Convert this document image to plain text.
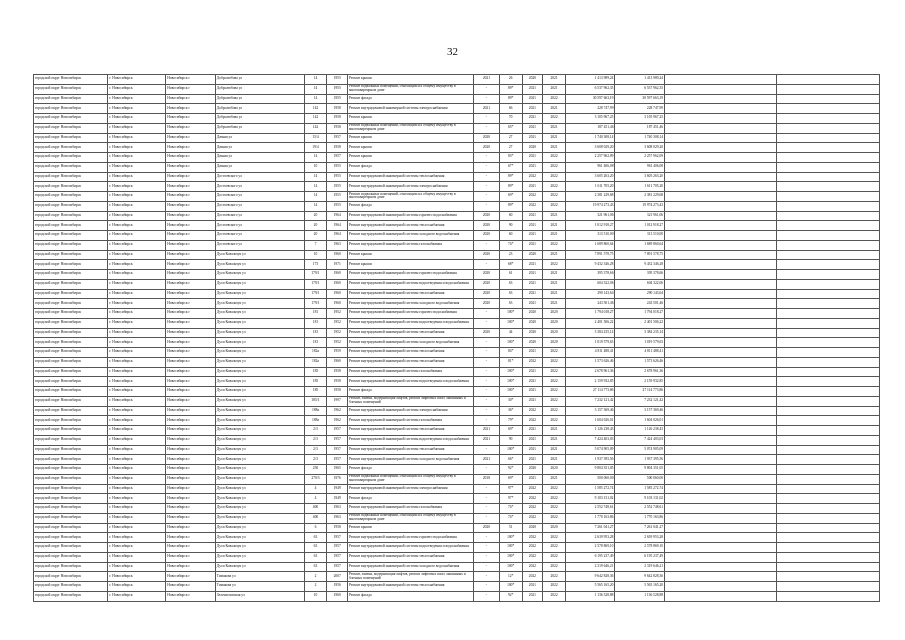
32
городской округ Новосибирск	г. Новосибирск	Новосибирск г	Добролюбова ул	14	1955	Ремонт крыши	2021	26	2020	2021	1 413 989,24	1 413 989,24		
городской округ Новосибирск	г. Новосибирск	Новосибирск г	Добролюбова ул	14	1955	Ремонт подвальных помещений, относящихся к общему имуществу в многоквартирном доме	-	89*	2021	2021	6 537 962,35	6 537 962,35		
городской округ Новосибирск	г. Новосибирск	Новосибирск г	Добролюбова ул	14	1955	Ремонт фасада	-	89*	2021	2022	30 597 663,19	30 597 663,19		
городской округ Новосибирск	г. Новосибирск	Новосибирск г	Добролюбова ул	142	1958	Ремонт внутридомовой инженерной системы электроснабжения	2021	66	2021	2021	228 747,99	228 747,99		
городской округ Новосибирск	г. Новосибирск	Новосибирск г	Добролюбова ул	142	1958	Ремонт крыши	-	70	2021	2022	3 105 967,25	3 105 967,25		
городской округ Новосибирск	г. Новосибирск	Новосибирск г	Добролюбова ул	142	1958	Ремонт подвальных помещений, относящихся к общему имуществу в многоквартирном доме	-	65*	2021	2021	187 451,46	187 451,46		
городской округ Новосибирск	г. Новосибирск	Новосибирск г	Дачная ул	15/4	1957	Ремонт крыши	2020	27	2021	2021	1 740 308,14	1 740 308,14		
городской округ Новосибирск	г. Новосибирск	Новосибирск г	Дачная ул	19/4	1958	Ремонт крыши	2020	27	2020	2021	3 608 029,20	3 608 029,20		
городской округ Новосибирск	г. Новосибирск	Новосибирск г	Дачная ул	14	1957	Ремонт крыши	-	83*	2021	2022	2 257 962,09	2 257 962,09		
городской округ Новосибирск	г. Новосибирск	Новосибирск г	Дачная ул	10	1955	Ремонт фасада	-	67*	2021	2022	961 406,08	961 406,08		
городской округ Новосибирск	г. Новосибирск	Новосибирск г	Достоевского ул	14	1955	Ремонт внутридомовой инженерной системы теплоснабжения	-	89*	2022	2022	3 605 263,20	3 605 263,20		
городской округ Новосибирск	г. Новосибирск	Новосибирск г	Достоевского ул	14	1955	Ремонт внутридомовой инженерной системы электроснабжения	-	89*	2021	2022	1 611 705,20	1 611 705,20		
городской округ Новосибирск	г. Новосибирск	Новосибирск г	Достоевского ул	14	1955	Ремонт подвальных помещений, относящихся к общему имуществу в многоквартирном доме	-	69*	2022	2022	2 381 229,68	2 381 229,68		
городской округ Новосибирск	г. Новосибирск	Новосибирск г	Достоевского ул	14	1955	Ремонт фасада	-	89*	2022	2022	19 974 273,43	19 974 273,43		
городской округ Новосибирск	г. Новосибирск	Новосибирск г	Достоевского ул	20	1964	Ремонт внутридомовой инженерной системы горячего водоснабжения	2020	60	2021	2021	321 961,06	321 961,06		
городской округ Новосибирск	г. Новосибирск	Новосибирск г	Достоевского ул	20	1964	Ремонт внутридомовой инженерной системы теплоснабжения	2020	90	2021	2021	1 012 918,27	1 012 918,27		
городской округ Новосибирск	г. Новосибирск	Новосибирск г	Достоевского ул	20	1964	Ремонт внутридомовой инженерной системы холодного водоснабжения	2020	60	2021	2021	313 510,00	313 510,00		
городской округ Новосибирск	г. Новосибирск	Новосибирск г	Достоевского ул	7	1963	Ремонт внутридомовой инженерной системы газоснабжения	-	74*	2021	2022	1 689 860,64	1 689 860,64		
городской округ Новосибирск	г. Новосибирск	Новосибирск г	Дуси Ковальчук ул	10	1960	Ремонт крыши	2020	23	2020	2021	7 891 578,75	7 891 578,75		
городской округ Новосибирск	г. Новосибирск	Новосибирск г	Дуси Ковальчук ул	173	1971	Ремонт крыши	-	68*	2021	2022	9 432 346,28	9 432 346,28		
городской округ Новосибирск	г. Новосибирск	Новосибирск г	Дуси Ковальчук ул	179/1	1960	Ремонт внутридомовой инженерной системы горячего водоснабжения	2020	61	2021	2021	395 378,66	395 378,66		
городской округ Новосибирск	г. Новосибирск	Новосибирск г	Дуси Ковальчук ул	179/1	1960	Ремонт внутридомовой инженерной системы водоотведения и водоснабжения	2020	63	2021	2021	604 322,06	604 322,06		
городской округ Новосибирск	г. Новосибирск	Новосибирск г	Дуси Ковальчук ул	179/1	1960	Ремонт внутридомовой инженерной системы теплоснабжения	2020	63	2021	2021	290 143,64	290 143,64		
городской округ Новосибирск	г. Новосибирск	Новосибирск г	Дуси Ковальчук ул	179/1	1960	Ремонт внутридомовой инженерной системы холодного водоснабжения	2020	63	2021	2021	243 501,46	243 501,46		
городской округ Новосибирск	г. Новосибирск	Новосибирск г	Дуси Ковальчук ул	181	1952	Ремонт внутридомовой инженерной системы горячего водоснабжения	-	100*	2020	2020	1 794 018,27	1 794 018,27		
городской округ Новосибирск	г. Новосибирск	Новосибирск г	Дуси Ковальчук ул	181	1952	Ремонт внутридомовой инженерной системы водоотведения и водоснабжения	-	100*	2020	2020	2 401 506,22	2 401 506,22		
городской округ Новосибирск	г. Новосибирск	Новосибирск г	Дуси Ковальчук ул	181	1952	Ремонт внутридомовой инженерной системы теплоснабжения	2020	44	2020	2020	3 384 235,14	3 384 235,14		
городской округ Новосибирск	г. Новосибирск	Новосибирск г	Дуси Ковальчук ул	181	1952	Ремонт внутридомовой инженерной системы холодного водоснабжения	-	100*	2020	2020	1 019 579,63	1 019 579,63		
городской округ Новосибирск	г. Новосибирск	Новосибирск г	Дуси Ковальчук ул	182a	1959	Ремонт внутридомовой инженерной системы теплоснабжения	-	84*	2021	2022	4 811 488,41	4 811 488,41		
городской округ Новосибирск	г. Новосибирск	Новосибирск г	Дуси Ковальчук ул	182a	1960	Ремонт внутридомовой инженерной системы теплоснабжения	-	81*	2022	2022	1 573 626,46	1 573 626,46		
городской округ Новосибирск	г. Новосибирск	Новосибирск г	Дуси Ковальчук ул	185	1958	Ремонт внутридомовой инженерной системы газоснабжения	-	100*	2021	2022	2 678 961,36	2 678 961,36		
городской округ Новосибирск	г. Новосибирск	Новосибирск г	Дуси Ковальчук ул	185	1958	Ремонт внутридомовой инженерной системы водоотведения и водоснабжения	-	100*	2021	2022	2 159 932,85	2 159 932,85		
городской округ Новосибирск	г. Новосибирск	Новосибирск г	Дуси Ковальчук ул	185	1958	Ремонт фасада	-	100*	2021	2022	27 114 773,86	27 114 773,86		
городской округ Новосибирск	г. Новосибирск	Новосибирск г	Дуси Ковальчук ул	185/1	1997	Ремонт, замена, модернизация лифтов, ремонт лифтовых шахт, машинных и блочных помещений	-	30*	2021	2022	7 232 121,42	7 232 121,42		
городской округ Новосибирск	г. Новосибирск	Новосибирск г	Дуси Ковальчук ул	188a	1962	Ремонт внутридомовой инженерной системы электроснабжения	-	36*	2022	2022	3 157 369,46	3 157 369,46		
городской округ Новосибирск	г. Новосибирск	Новосибирск г	Дуси Ковальчук ул	188a	1962	Ремонт внутридомовой инженерной системы газоснабжения	-	79*	2022	2022	1 604 026,01	1 604 026,01		
городской округ Новосибирск	г. Новосибирск	Новосибирск г	Дуси Ковальчук ул	2/3	1957	Ремонт внутридомовой инженерной системы теплоснабжения	2021	69*	2021	2021	1 126 238,43	1 126 238,43		
городской округ Новосибирск	г. Новосибирск	Новосибирск г	Дуси Ковальчук ул	2/3	1957	Ремонт внутридомовой инженерной системы водоотведения и водоснабжения	2021	90	2021	2021	7 424 403,03	7 424 403,03		
городской округ Новосибирск	г. Новосибирск	Новосибирск г	Дуси Ковальчук ул	2/3	1957	Ремонт внутридомовой инженерной системы теплоснабжения	-	100*	2021	2021	5 074 905,09	5 074 905,09		
городской округ Новосибирск	г. Новосибирск	Новосибирск г	Дуси Ковальчук ул	2/3	1957	Ремонт внутридомовой инженерной системы холодного водоснабжения	2021	66*	2021	2021	1 937 395,56	1 937 395,56		
городской округ Новосибирск	г. Новосибирск	Новосибирск г	Дуси Ковальчук ул	250	1965	Ремонт фасада	-	92*	2020	2020	9 804 351,05	9 804 351,05		
городской округ Новосибирск	г. Новосибирск	Новосибирск г	Дуси Ковальчук ул	270/3	1976	Ремонт подвальных помещений, относящихся к общему имуществу в многоквартирном доме	2018	69*	2021	2021	500 060,00	500 060,00		
городской округ Новосибирск	г. Новосибирск	Новосибирск г	Дуси Ковальчук ул	4	1949	Ремонт внутридомовой инженерной системы электроснабжения	-	97*	2022	2022	1 585 272,74	1 585 272,74		
городской округ Новосибирск	г. Новосибирск	Новосибирск г	Дуси Ковальчук ул	4	1949	Ремонт фасада	-	97*	2022	2022	9 103 131,02	9 103 131,02		
городской округ Новосибирск	г. Новосибирск	Новосибирск г	Дуси Ковальчук ул	400	1963	Ремонт внутридомовой инженерной системы газоснабжения	-	74*	2022	2022	2 552 748,61	2 552 748,61		
городской округ Новосибирск	г. Новосибирск	Новосибирск г	Дуси Ковальчук ул	400	1963	Ремонт подвальных помещений, относящихся к общему имуществу в многоквартирном доме	-	74*	2022	2022	1 770 163,86	1 770 163,86		
городской округ Новосибирск	г. Новосибирск	Новосибирск г	Дуси Ковальчук ул	6	1958	Ремонт крыши	2020	51	2020	2020	7 261 041,27	7 261 041,27		
городской округ Новосибирск	г. Новосибирск	Новосибирск г	Дуси Ковальчук ул	63	1957	Ремонт внутридомовой инженерной системы горячего водоснабжения	-	100*	2022	2022	2 639 953,28	2 639 953,28		
городской округ Новосибирск	г. Новосибирск	Новосибирск г	Дуси Ковальчук ул	63	1957	Ремонт внутридомовой инженерной системы водоотведения и водоснабжения	-	100*	2022	2022	2 578 869,10	2 578 869,10		
городской округ Новосибирск	г. Новосибирск	Новосибирск г	Дуси Ковальчук ул	63	1957	Ремонт внутридомовой инженерной системы теплоснабжения	-	100*	2022	2022	6 195 237,49	6 195 237,49		
городской округ Новосибирск	г. Новосибирск	Новосибирск г	Дуси Ковальчук ул	63	1957	Ремонт внутридомовой инженерной системы холодного водоснабжения	-	100*	2022	2022	2 319 646,21	2 319 646,21		
городской округ Новосибирск	г. Новосибирск	Новосибирск г	Тимакова ул	2	2007	Ремонт, замена, модернизация лифтов, ремонт лифтовых шахт, машинных и блочных помещений	-	12*	2022	2022	9 642 828,36	9 642 828,36		
городской округ Новосибирск	г. Новосибирск	Новосибирск г	Тимакова ул	2	1956	Ремонт внутридомовой инженерной системы теплоснабжения	-	100*	2021	2022	5 565 165,20	5 565 165,20		
городской округ Новосибирск	г. Новосибирск	Новосибирск г	Зеленхозовская ул	10	1960	Ремонт фасада	-	92*	2021	2022	1 136 528,88	1 136 528,88		
